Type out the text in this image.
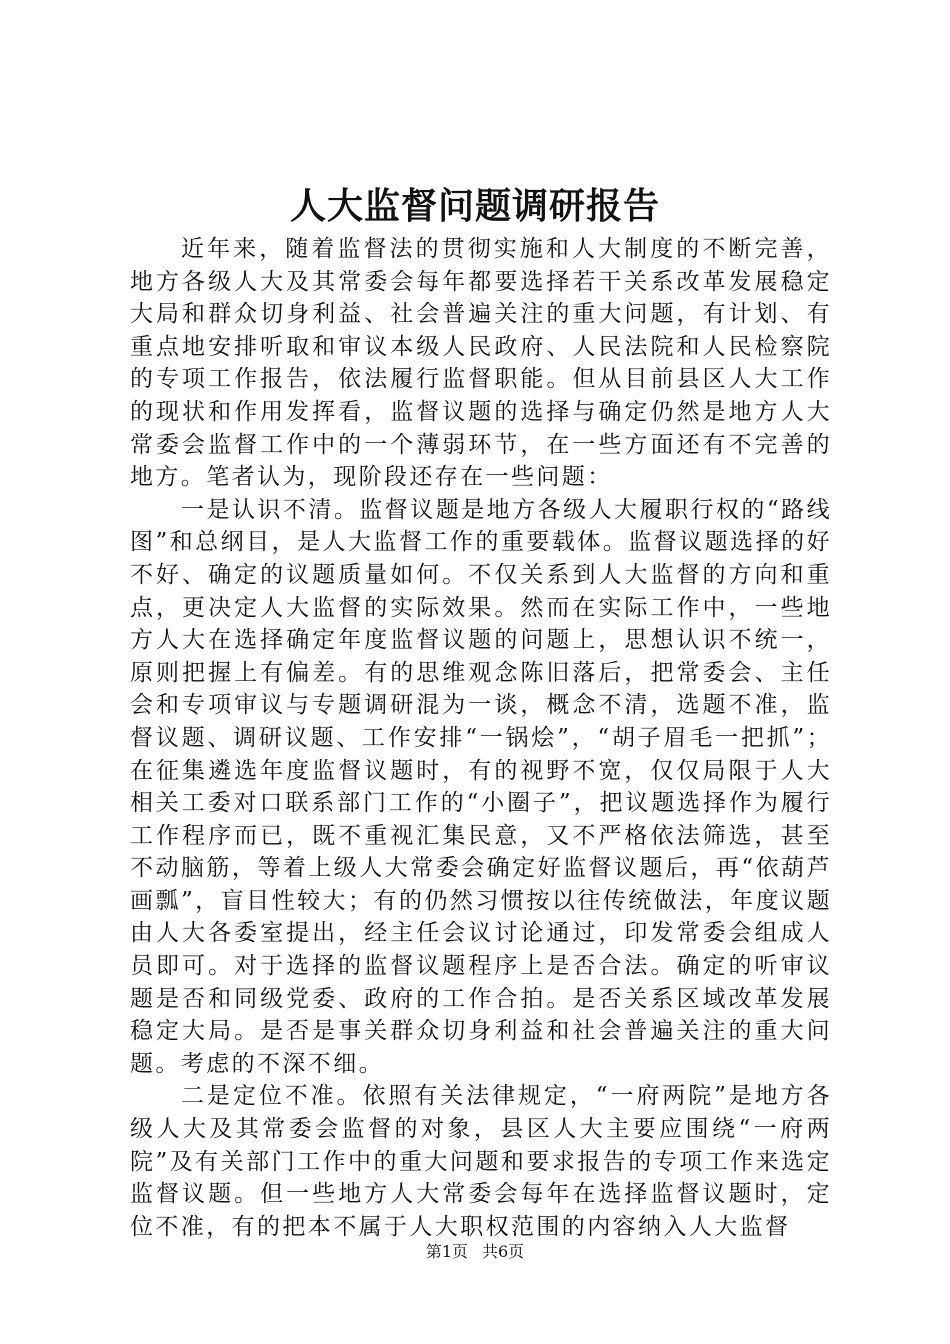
人大监督问题调研报告

近年来，随着监督法的贯彻实施和人大制度的不断完善，地方各级人大及其常委会每年都要选择若干关系改革发展稳定大局和群众切身利益、社会普遍关注的重大问题，有计划、有重点地安排听取和审议本级人民政府、人民法院和人民检察院的专项工作报告，依法履行监督职能。但从目前县区人大工作的现状和作用发挥看，监督议题的选择与确定仍然是地方人大常委会监督工作中的一个薄弱环节，在一些方面还有不完善的地方。笔者认为，现阶段还存在一些问题：

一是认识不清。监督议题是地方各级人大履职行权的“路线图”和总纲目，是人大监督工作的重要载体。监督议题选择的好不好、确定的议题质量如何。不仅关系到人大监督的方向和重点，更决定人大监督的实际效果。然而在实际工作中，一些地方人大在选择确定年度监督议题的问题上，思想认识不统一，原则把握上有偏差。有的思维观念陈旧落后，把常委会、主任会和专项审议与专题调研混为一谈，概念不清，选题不准，监督议题、调研议题、工作安排“一锅烩”，“胡子眉毛一把抓”；在征集遴选年度监督议题时，有的视野不宽，仅仅局限于人大相关工委对口联系部门工作的“小圈子”，把议题选择作为履行工作程序而已，既不重视汇集民意，又不严格依法筛选，甚至不动脑筋，等着上级人大常委会确定好监督议题后，再“依葫芦画瓢”，盲目性较大；有的仍然习惯按以往传统做法，年度议题由人大各委室提出，经主任会议讨论通过，印发常委会组成人员即可。对于选择的监督议题程序上是否合法。确定的听审议题是否和同级党委、政府的工作合拍。是否关系区域改革发展稳定大局。是否是事关群众切身利益和社会普遍关注的重大问题。考虑的不深不细。

二是定位不准。依照有关法律规定，“一府两院”是地方各级人大及其常委会监督的对象，县区人大主要应围绕“一府两院”及有关部门工作中的重大问题和要求报告的专项工作来选定监督议题。但一些地方人大常委会每年在选择监督议题时，定位不准，有的把本不属于人大职权范围的内容纳入人大监督

第1页 共6页
